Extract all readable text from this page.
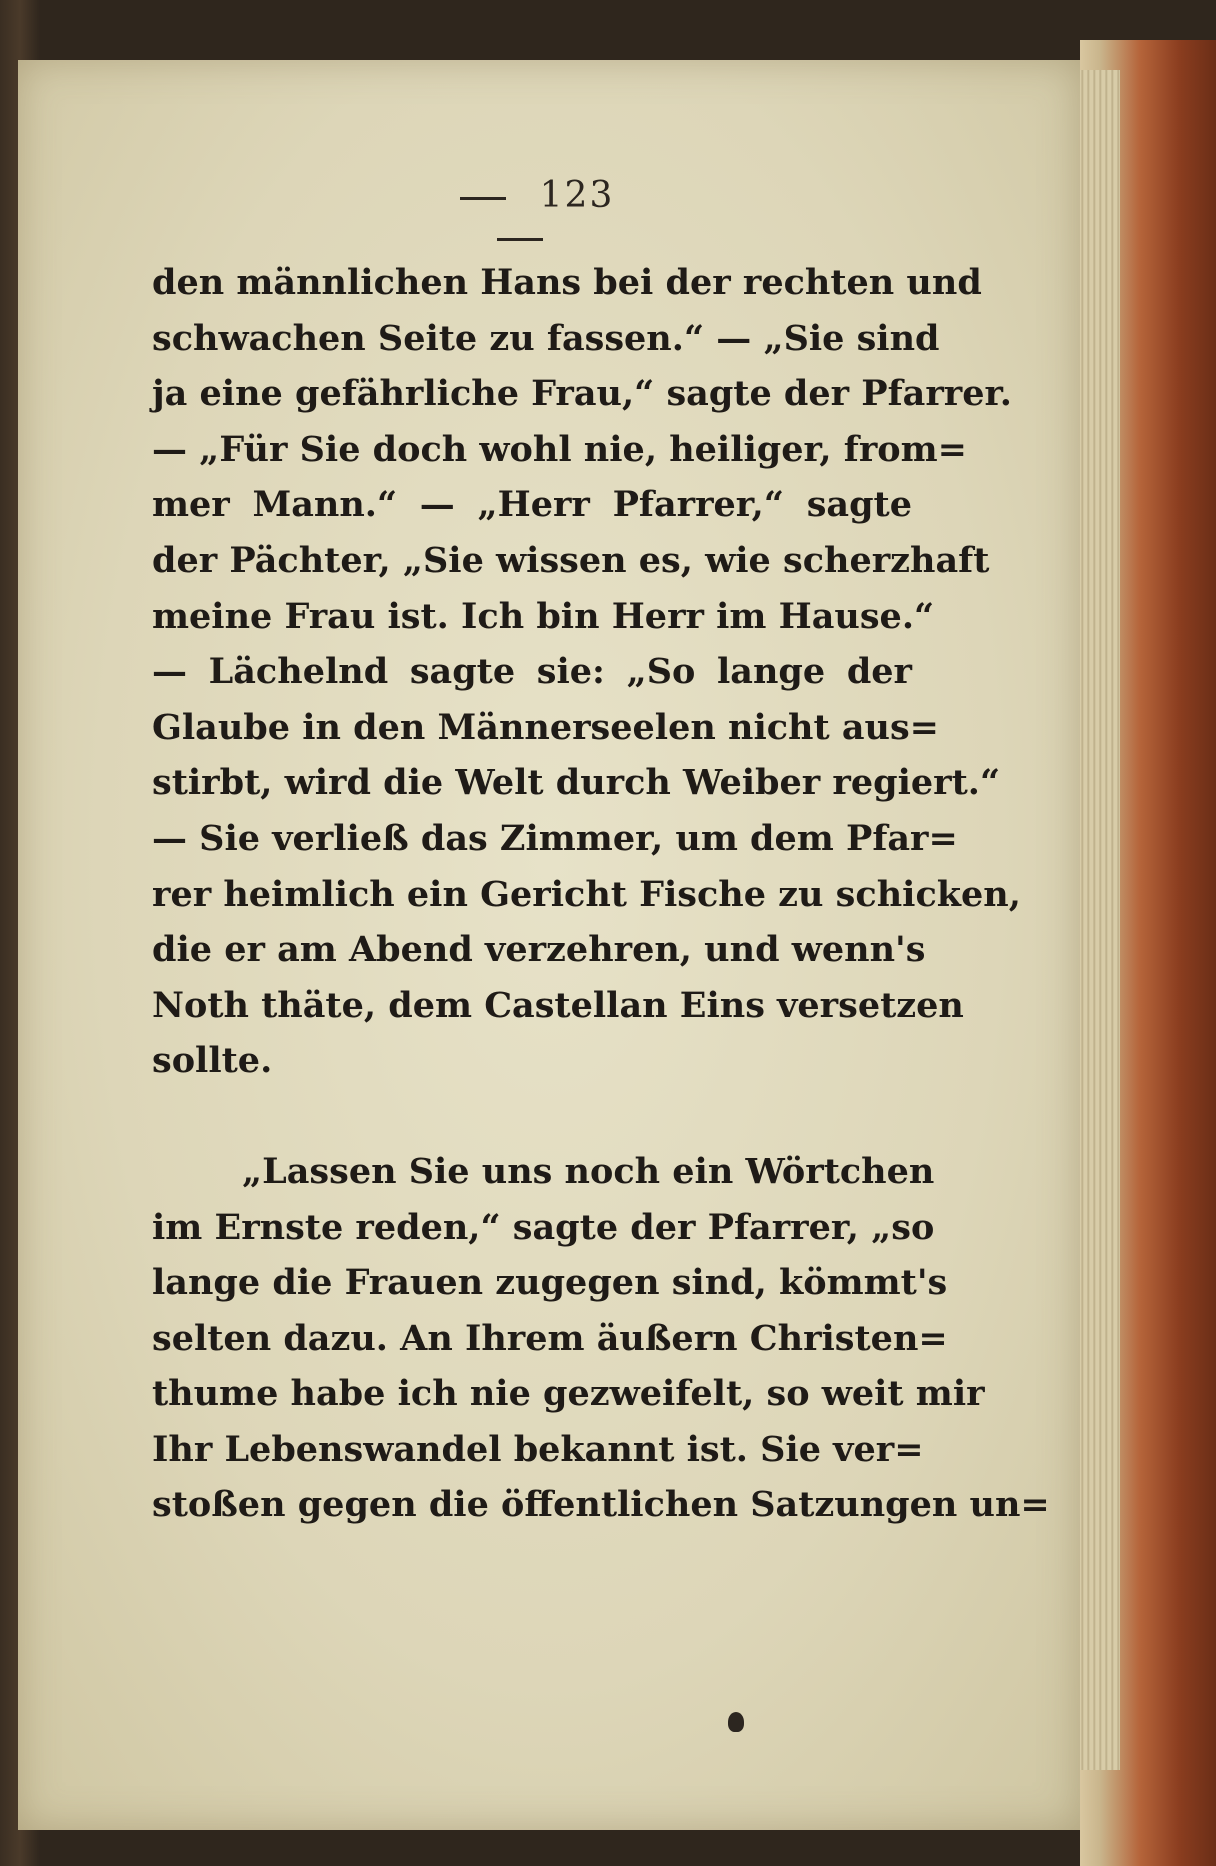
123
den männlichen Hans bei der rechten und
schwachen Seite zu fassen.“ — „Sie sind
ja eine gefährliche Frau,“ sagte der Pfarrer.
— „Für Sie doch wohl nie, heiliger, from=
mer Mann.“ — „Herr Pfarrer,“ sagte
der Pächter, „Sie wissen es, wie scherzhaft
meine Frau ist. Ich bin Herr im Hause.“
— Lächelnd sagte sie: „So lange der
Glaube in den Männerseelen nicht aus=
stirbt, wird die Welt durch Weiber regiert.“
— Sie verließ das Zimmer, um dem Pfar=
rer heimlich ein Gericht Fische zu schicken,
die er am Abend verzehren, und wenn's
Noth thäte, dem Castellan Eins versetzen
sollte.
„Lassen Sie uns noch ein Wörtchen
im Ernste reden,“ sagte der Pfarrer, „so
lange die Frauen zugegen sind, kömmt's
selten dazu. An Ihrem äußern Christen=
thume habe ich nie gezweifelt, so weit mir
Ihr Lebenswandel bekannt ist. Sie ver=
stoßen gegen die öffentlichen Satzungen un=
